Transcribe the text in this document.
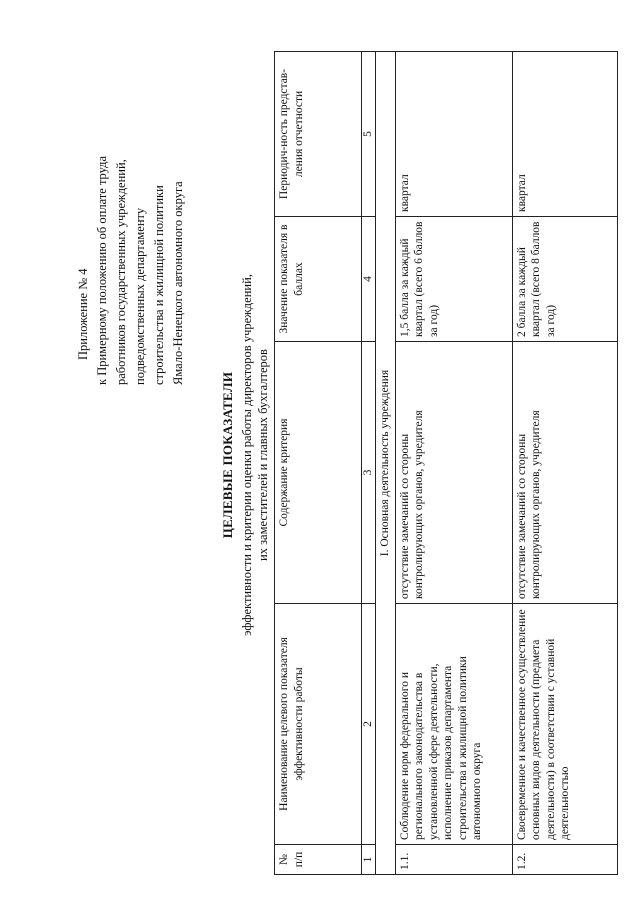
Приложение № 4 к Примерному положению об оплате труда работников государственных учреждений, подведомственных департаменту строительства и жилищной политики Ямало-Ненецкого автономного округа
ЦЕЛЕВЫЕ ПОКАЗАТЕЛИ эффективности и критерии оценки работы директоров учреждений, их заместителей и главных бухгалтеров
№ п/п	Наименование целевого показателя эффективности работы	Содержание критерия	Значение показателя в баллах	Периодич-ность представ-ления отчетности
1	2	3	4	5
I. Основная деятельность учреждения				
1.1.	Соблюдение норм федерального и регионального законодательства в установленной сфере деятельности, исполнение приказов департамента строительства и жилищной политики автономного округа	отсутствие замечаний со стороны контролирующих органов, учредителя	1,5 балла за каждый квартал (всего 6 баллов за год)	квартал
1.2.	Своевременное и качественное осуществление основных видов деятельности (предмета деятельности) в соответствии с уставной деятельностью	отсутствие замечаний со стороны контролирующих органов, учредителя	2 балла за каждый квартал (всего 8 баллов за год)	квартал
